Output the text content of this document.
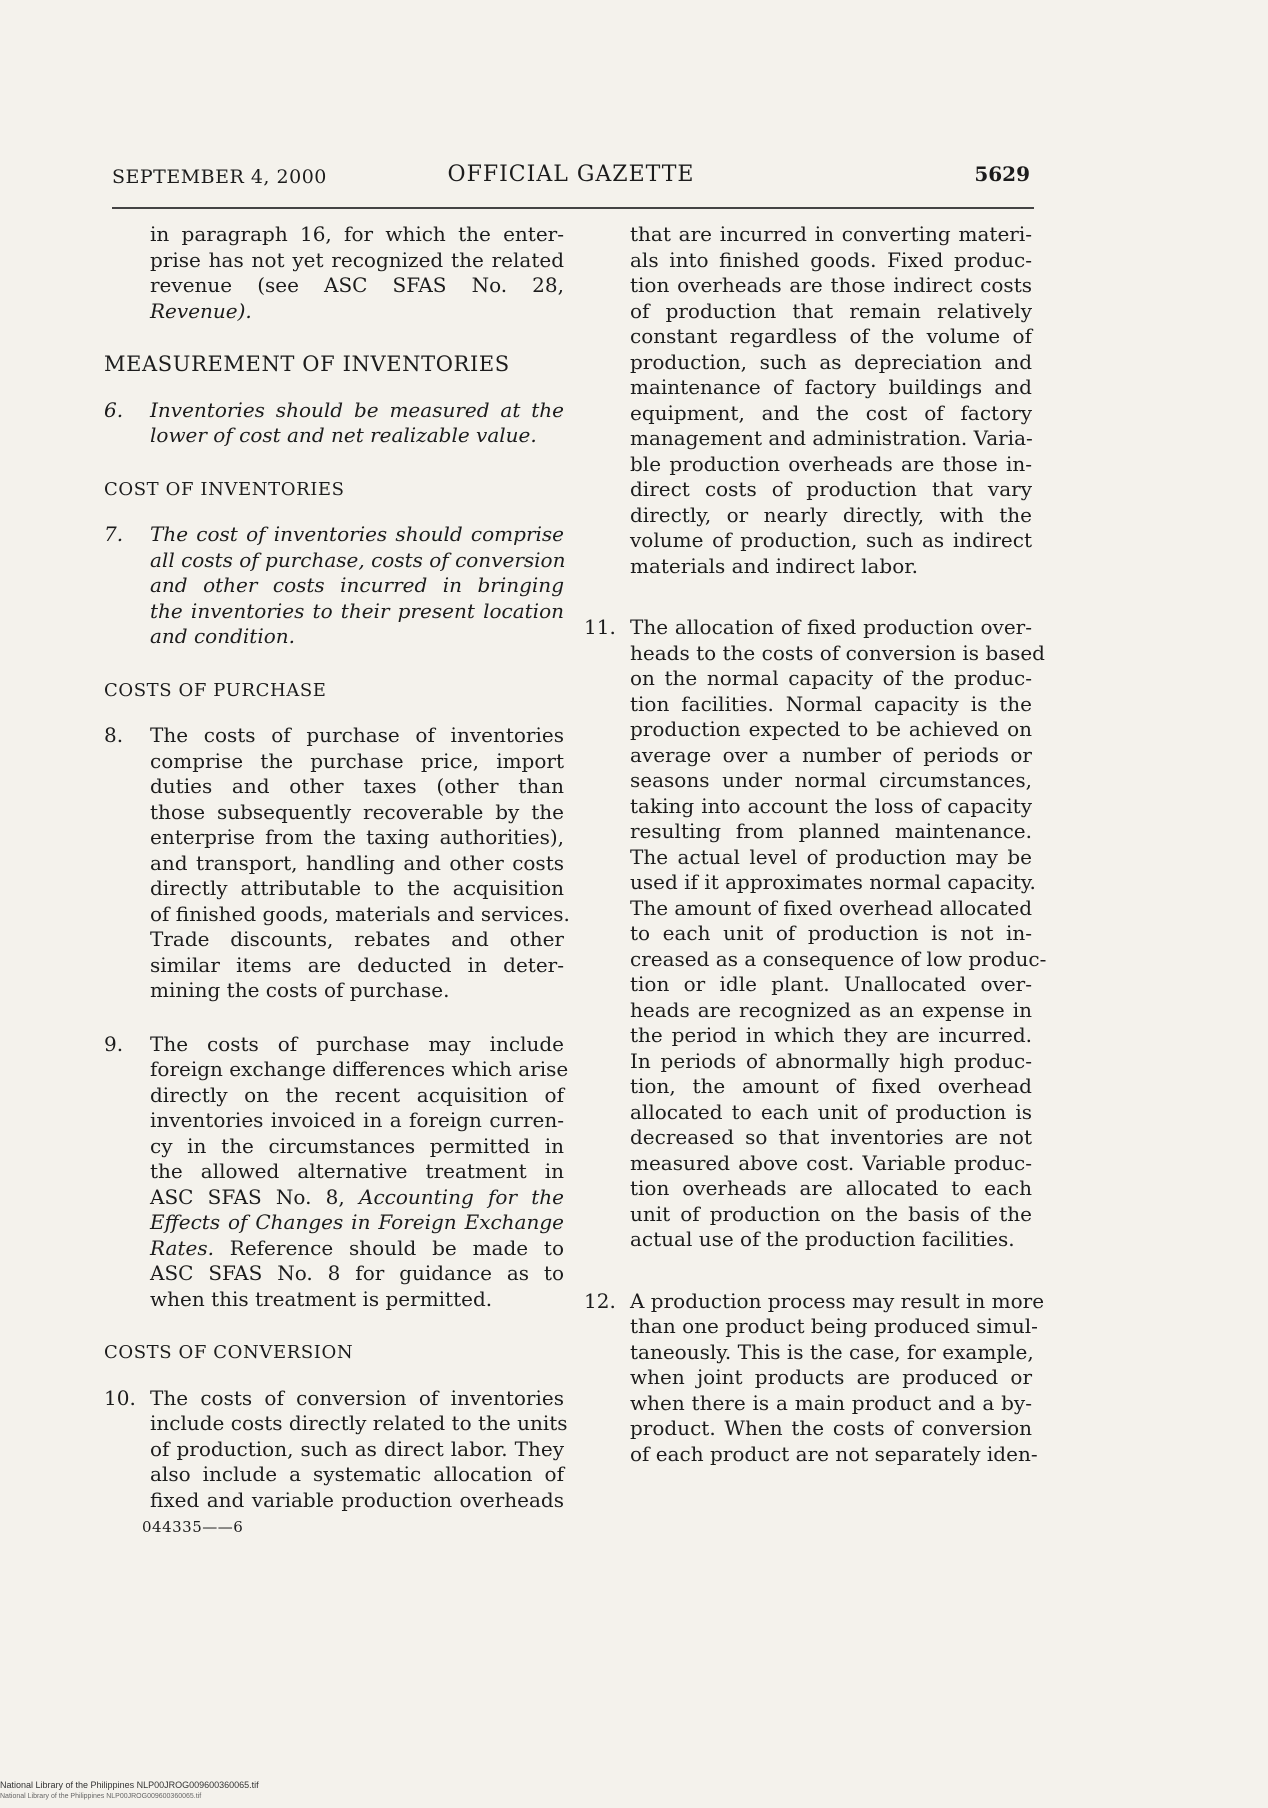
SEPTEMBER 4, 2000	OFFICIAL GAZETTE	5629
in paragraph 16, for which the enter-
prise has not yet recognized the related
revenue (see ASC SFAS No. 28,
Revenue).
MEASUREMENT OF INVENTORIES
6. Inventories should be measured at the
lower of cost and net realizable value.
COST OF INVENTORIES
7. The cost of inventories should comprise
all costs of purchase, costs of conversion
and other costs incurred in bringing
the inventories to their present location
and condition.
COSTS OF PURCHASE
8. The costs of purchase of inventories
comprise the purchase price, import
duties and other taxes (other than
those subsequently recoverable by the
enterprise from the taxing authorities),
and transport, handling and other costs
directly attributable to the acquisition
of finished goods, materials and services.
Trade discounts, rebates and other
similar items are deducted in deter-
mining the costs of purchase.
9. The costs of purchase may include
foreign exchange differences which arise
directly on the recent acquisition of
inventories invoiced in a foreign curren-
cy in the circumstances permitted in
the allowed alternative treatment in
ASC SFAS No. 8, Accounting for the
Effects of Changes in Foreign Exchange
Rates. Reference should be made to
ASC SFAS No. 8 for guidance as to
when this treatment is permitted.
COSTS OF CONVERSION
10. The costs of conversion of inventories
include costs directly related to the units
of production, such as direct labor. They
also include a systematic allocation of
fixed and variable production overheads
044335——6
that are incurred in converting materi-
als into finished goods. Fixed produc-
tion overheads are those indirect costs
of production that remain relatively
constant regardless of the volume of
production, such as depreciation and
maintenance of factory buildings and
equipment, and the cost of factory
management and administration. Varia-
ble production overheads are those in-
direct costs of production that vary
directly, or nearly directly, with the
volume of production, such as indirect
materials and indirect labor.
11. The allocation of fixed production over-
heads to the costs of conversion is based
on the normal capacity of the produc-
tion facilities. Normal capacity is the
production expected to be achieved on
average over a number of periods or
seasons under normal circumstances,
taking into account the loss of capacity
resulting from planned maintenance.
The actual level of production may be
used if it approximates normal capacity.
The amount of fixed overhead allocated
to each unit of production is not in-
creased as a consequence of low produc-
tion or idle plant. Unallocated over-
heads are recognized as an expense in
the period in which they are incurred.
In periods of abnormally high produc-
tion, the amount of fixed overhead
allocated to each unit of production is
decreased so that inventories are not
measured above cost. Variable produc-
tion overheads are allocated to each
unit of production on the basis of the
actual use of the production facilities.
12. A production process may result in more
than one product being produced simul-
taneously. This is the case, for example,
when joint products are produced or
when there is a main product and a by-
product. When the costs of conversion
of each product are not separately iden-
National Library of the Philippines NLP00JROG009600360065.tif
National Library of the Philippines NLP00JROG009600360065.tif
